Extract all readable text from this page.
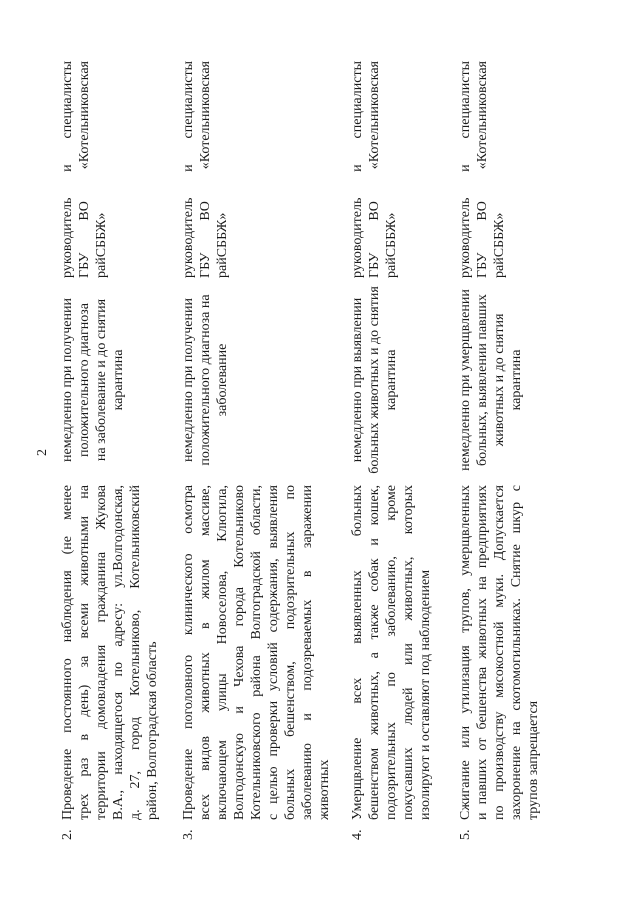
2
2.
Проведение постоянного наблюдения (не менее трех раз в день) за всеми животными на территории домовладения гражданина Жукова В.А., находящегося по адресу: ул.Волгодонская, д. 27, город Котельниково, Котельниковский район, Волгоградская область
немедленно при получении положительного диагноза на заболевание и до снятия карантина
руководитель и специалисты ГБУ ВО «Котельниковская райСББЖ»
3.
Проведение поголовного клинического осмотра всех видов животных в жилом массиве, включающем улицы Новоселова, Клюгила, Волгодонскую и Чехова города Котельниково Котельниковского района Волгоградской области, с целью проверки условий содержания, выявления больных бешенством, подозрительных по заболеванию и подозреваемых в заражении животных
немедленно при получении положительного диагноза на заболевание
руководитель и специалисты ГБУ ВО «Котельниковская райСББЖ»
4.
Умерщвление всех выявленных больных бешенством животных, а также собак и кошек, подозрительных по заболеванию, кроме покусавших людей или животных, которых изолируют и оставляют под наблюдением
немедленно при выявлении больных животных и до снятия карантина
руководитель и специалисты ГБУ ВО «Котельниковская райСББЖ»
5.
Сжигание или утилизация трупов, умерщвленных и павших от бешенства животных на предприятиях по производству мясокостной муки. Допускается захоронение на скотомогильниках. Снятие шкур с трупов запрещается
немедленно при умерщвлении больных, выявлении павших животных и до снятия карантина
руководитель и специалисты ГБУ ВО «Котельниковская райСББЖ»
